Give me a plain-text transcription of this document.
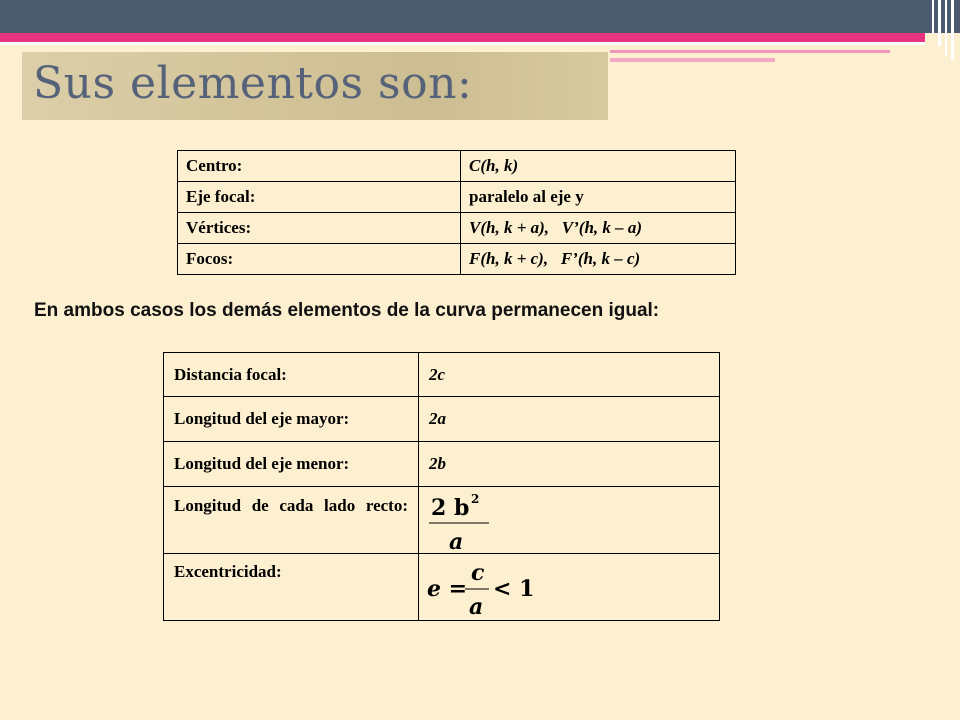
Sus elementos son:
Centro:	C(h, k)
Eje focal:	paralelo al eje y
Vértices:	V(h, k + a),   V’(h, k – a)
Focos:	F(h, k + c),   F’(h, k – c)
En ambos casos los demás elementos de la curva permanecen igual:
Distancia focal:	2c
Longitud del eje mayor:	2a
Longitud del eje menor:	2b

Longitud de cada lado recto:	2 b 2
a

Excentricidad:	e =
c
a
< 1
